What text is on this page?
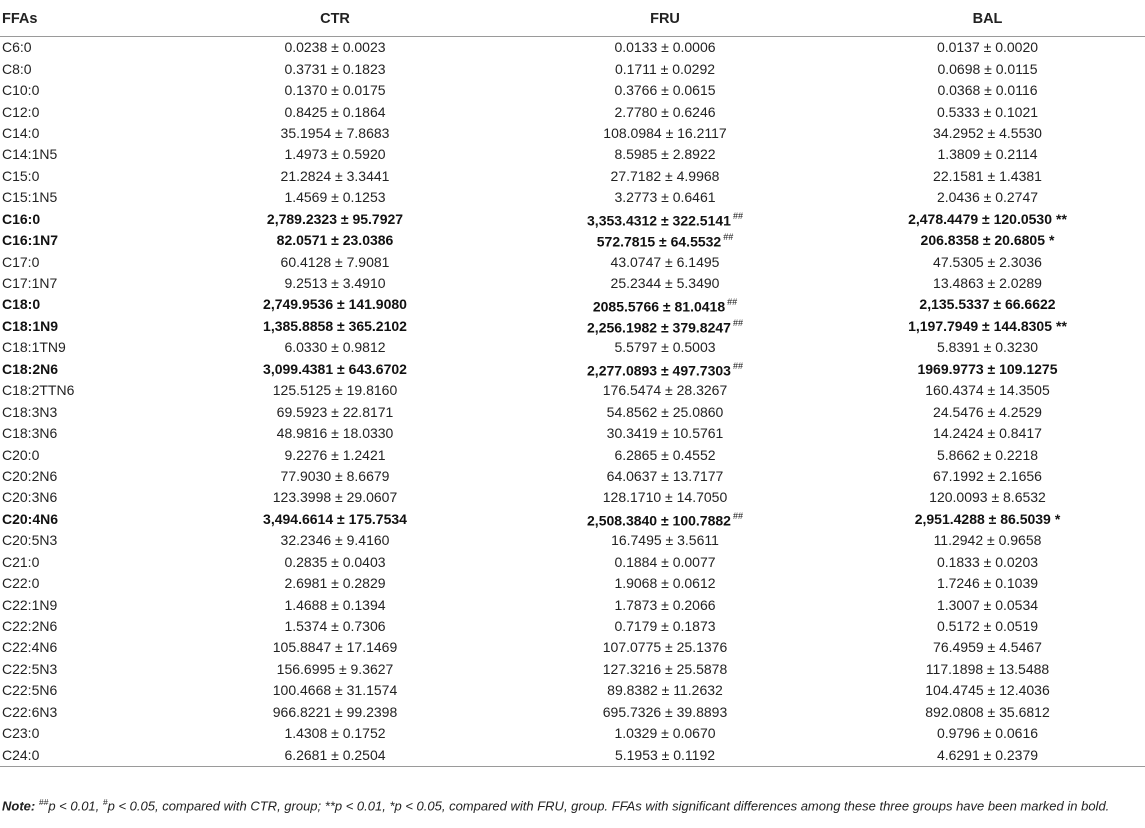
FFAs	CTR	FRU	BAL
C6:0	0.0238 ± 0.0023	0.0133 ± 0.0006	0.0137 ± 0.0020
C8:0	0.3731 ± 0.1823	0.1711 ± 0.0292	0.0698 ± 0.0115
C10:0	0.1370 ± 0.0175	0.3766 ± 0.0615	0.0368 ± 0.0116
C12:0	0.8425 ± 0.1864	2.7780 ± 0.6246	0.5333 ± 0.1021
C14:0	35.1954 ± 7.8683	108.0984 ± 16.2117	34.2952 ± 4.5530
C14:1N5	1.4973 ± 0.5920	8.5985 ± 2.8922	1.3809 ± 0.2114
C15:0	21.2824 ± 3.3441	27.7182 ± 4.9968	22.1581 ± 1.4381
C15:1N5	1.4569 ± 0.1253	3.2773 ± 0.6461	2.0436 ± 0.2747
C16:0	2,789.2323 ± 95.7927	3,353.4312 ± 322.5141 ##	2,478.4479 ± 120.0530 **
C16:1N7	82.0571 ± 23.0386	572.7815 ± 64.5532 ##	206.8358 ± 20.6805 *
C17:0	60.4128 ± 7.9081	43.0747 ± 6.1495	47.5305 ± 2.3036
C17:1N7	9.2513 ± 3.4910	25.2344 ± 5.3490	13.4863 ± 2.0289
C18:0	2,749.9536 ± 141.9080	2085.5766 ± 81.0418 ##	2,135.5337 ± 66.6622
C18:1N9	1,385.8858 ± 365.2102	2,256.1982 ± 379.8247 ##	1,197.7949 ± 144.8305 **
C18:1TN9	6.0330 ± 0.9812	5.5797 ± 0.5003	5.8391 ± 0.3230
C18:2N6	3,099.4381 ± 643.6702	2,277.0893 ± 497.7303 ##	1969.9773 ± 109.1275
C18:2TTN6	125.5125 ± 19.8160	176.5474 ± 28.3267	160.4374 ± 14.3505
C18:3N3	69.5923 ± 22.8171	54.8562 ± 25.0860	24.5476 ± 4.2529
C18:3N6	48.9816 ± 18.0330	30.3419 ± 10.5761	14.2424 ± 0.8417
C20:0	9.2276 ± 1.2421	6.2865 ± 0.4552	5.8662 ± 0.2218
C20:2N6	77.9030 ± 8.6679	64.0637 ± 13.7177	67.1992 ± 2.1656
C20:3N6	123.3998 ± 29.0607	128.1710 ± 14.7050	120.0093 ± 8.6532
C20:4N6	3,494.6614 ± 175.7534	2,508.3840 ± 100.7882 ##	2,951.4288 ± 86.5039 *
C20:5N3	32.2346 ± 9.4160	16.7495 ± 3.5611	11.2942 ± 0.9658
C21:0	0.2835 ± 0.0403	0.1884 ± 0.0077	0.1833 ± 0.0203
C22:0	2.6981 ± 0.2829	1.9068 ± 0.0612	1.7246 ± 0.1039
C22:1N9	1.4688 ± 0.1394	1.7873 ± 0.2066	1.3007 ± 0.0534
C22:2N6	1.5374 ± 0.7306	0.7179 ± 0.1873	0.5172 ± 0.0519
C22:4N6	105.8847 ± 17.1469	107.0775 ± 25.1376	76.4959 ± 4.5467
C22:5N3	156.6995 ± 9.3627	127.3216 ± 25.5878	117.1898 ± 13.5488
C22:5N6	100.4668 ± 31.1574	89.8382 ± 11.2632	104.4745 ± 12.4036
C22:6N3	966.8221 ± 99.2398	695.7326 ± 39.8893	892.0808 ± 35.6812
C23:0	1.4308 ± 0.1752	1.0329 ± 0.0670	0.9796 ± 0.0616
C24:0	6.2681 ± 0.2504	5.1953 ± 0.1192	4.6291 ± 0.2379
Note: ##p < 0.01, #p < 0.05, compared with CTR, group; **p < 0.01, *p < 0.05, compared with FRU, group. FFAs with significant differences among these three groups have been marked in bold.
